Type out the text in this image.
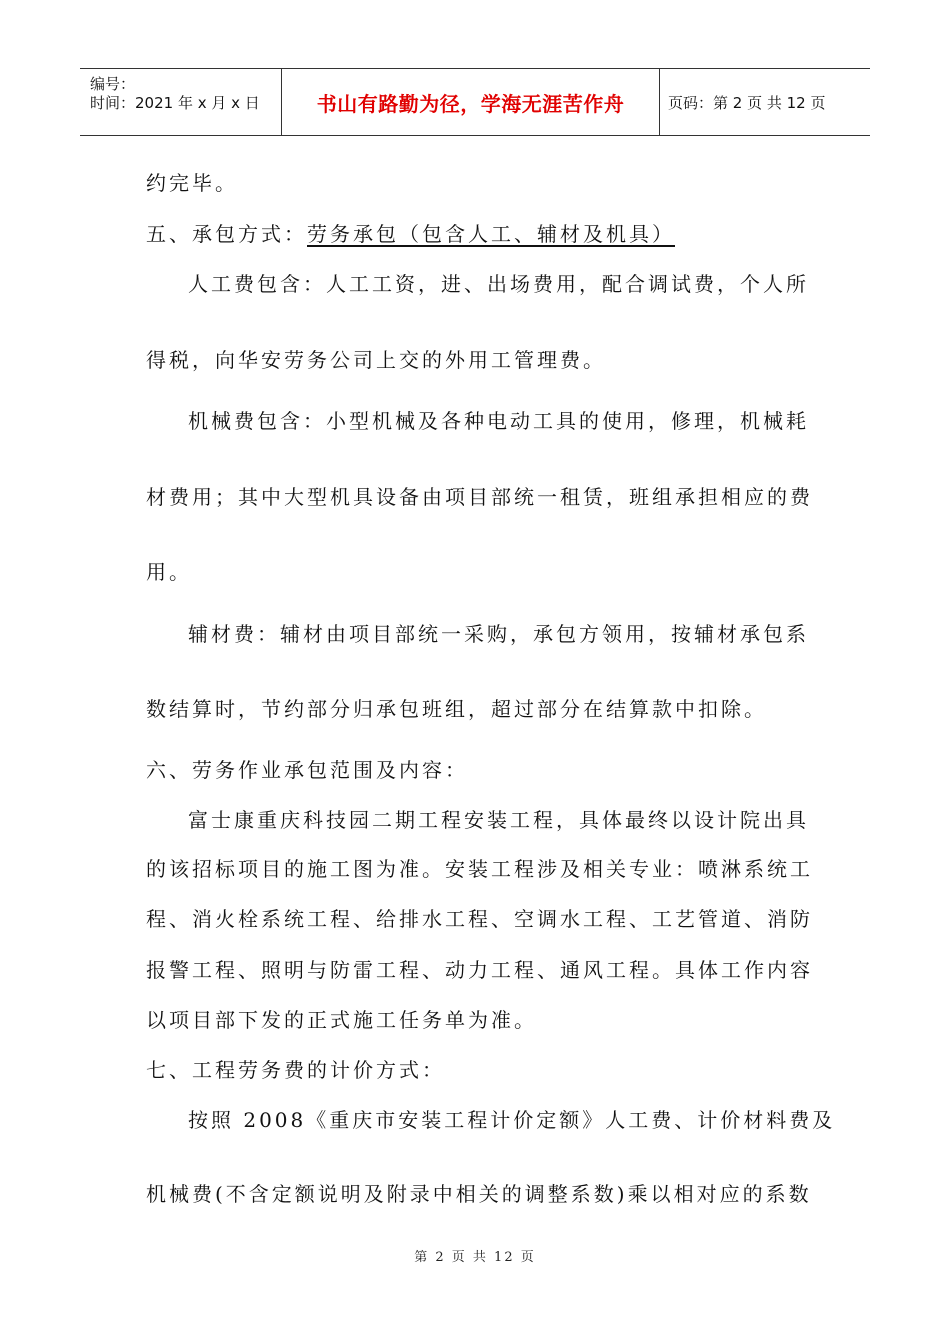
编号：
时间：2021 年 x 月 x 日	书山有路勤为径，学海无涯苦作舟	页码：第 2 页 共 12 页
约完毕。
五、承包方式：劳务承包（包含人工、辅材及机具）
人工费包含：人工工资，进、出场费用，配合调试费，个人所
得税，向华安劳务公司上交的外用工管理费。
机械费包含：小型机械及各种电动工具的使用，修理，机械耗
材费用；其中大型机具设备由项目部统一租赁，班组承担相应的费
用。
辅材费：辅材由项目部统一采购，承包方领用，按辅材承包系
数结算时，节约部分归承包班组，超过部分在结算款中扣除。
六、劳务作业承包范围及内容：
富士康重庆科技园二期工程安装工程，具体最终以设计院出具
的该招标项目的施工图为准。安装工程涉及相关专业：喷淋系统工
程、消火栓系统工程、给排水工程、空调水工程、工艺管道、消防
报警工程、照明与防雷工程、动力工程、通风工程。具体工作内容
以项目部下发的正式施工任务单为准。
七、工程劳务费的计价方式：
按照 2008《重庆市安装工程计价定额》人工费、计价材料费及
机械费(不含定额说明及附录中相关的调整系数)乘以相对应的系数
第 2 页 共 12 页
